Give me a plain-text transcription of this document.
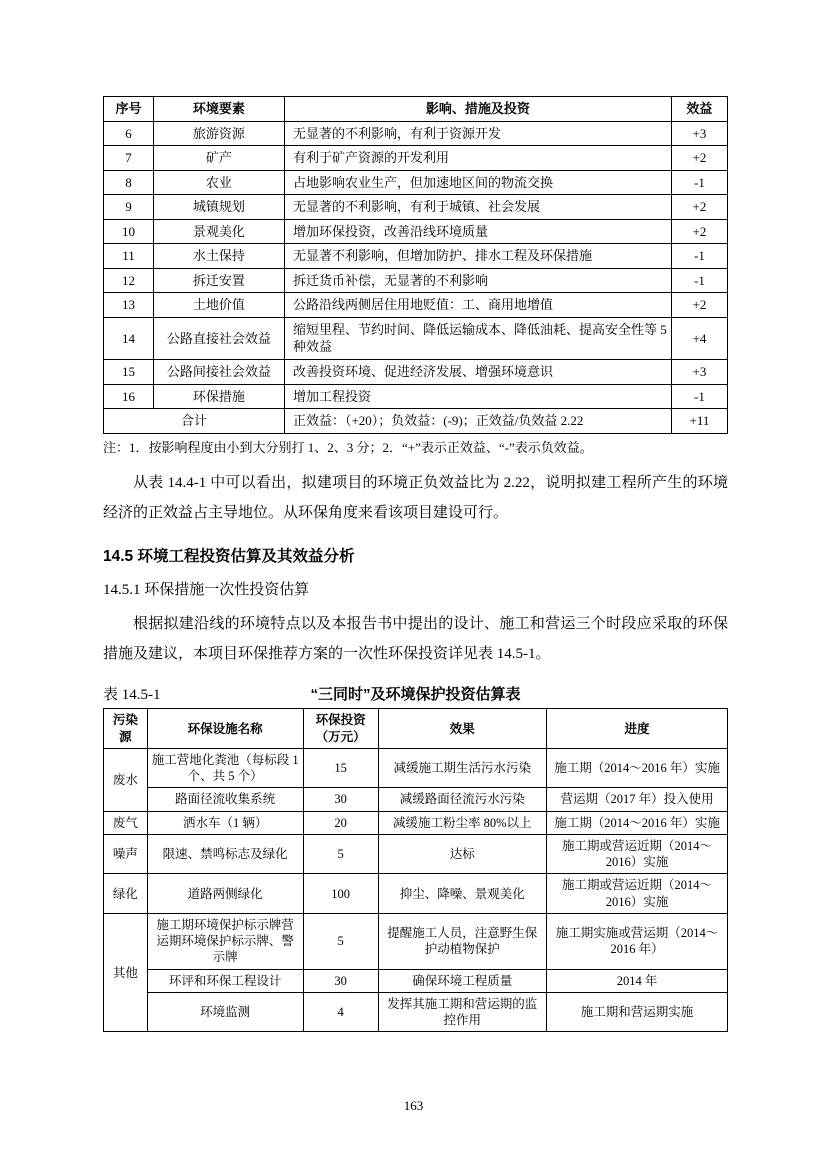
序号	环境要素	影响、措施及投资	效益
6	旅游资源	无显著的不利影响，有利于资源开发	+3
7	矿产	有利于矿产资源的开发利用	+2
8	农业	占地影响农业生产，但加速地区间的物流交换	-1
9	城镇规划	无显著的不利影响，有利于城镇、社会发展	+2
10	景观美化	增加环保投资，改善沿线环境质量	+2
11	水土保持	无显著不利影响，但增加防护、排水工程及环保措施	-1
12	拆迁安置	拆迁货币补偿，无显著的不利影响	-1
13	土地价值	公路沿线两侧居住用地贬值：工、商用地增值	+2
14	公路直接社会效益	缩短里程、节约时间、降低运输成本、降低油耗、提高安全性等 5 种效益	+4
15	公路间接社会效益	改善投资环境、促进经济发展、增强环境意识	+3
16	环保措施	增加工程投资	-1
合计		正效益：（+20）；负效益：(-9)；正效益/负效益 2.22	+11
注：1．按影响程度由小到大分别打 1、2、3 分；2．“+”表示正效益、“-”表示负效益。
从表 14.4-1 中可以看出，拟建项目的环境正负效益比为 2.22，说明拟建工程所产生的环境经济的正效益占主导地位。从环保角度来看该项目建设可行。
14.5 环境工程投资估算及其效益分析
14.5.1 环保措施一次性投资估算
根据拟建沿线的环境特点以及本报告书中提出的设计、施工和营运三个时段应采取的环保措施及建议，本项目环保推荐方案的一次性环保投资详见表 14.5-1。
表 14.5-1	“三同时”及环境保护投资估算表
污染源	环保设施名称	环保投资（万元）	效果	进度
废水	施工营地化粪池（每标段 1 个、共 5 个）	15	减缓施工期生活污水污染	施工期（2014～2016 年）实施
	路面径流收集系统	30	减缓路面径流污水污染	营运期（2017 年）投入使用
废气	洒水车（1 辆）	20	减缓施工粉尘率 80%以上	施工期（2014～2016 年）实施
噪声	限速、禁鸣标志及绿化	5	达标	施工期或营运近期（2014～2016）实施
绿化	道路两侧绿化	100	抑尘、降噪、景观美化	施工期或营运近期（2014～2016）实施
其他	施工期环境保护标示牌营运期环境保护标示牌、警示牌	5	提醒施工人员，注意野生保护动植物保护	施工期实施或营运期（2014～2016 年）
	环评和环保工程设计	30	确保环境工程质量	2014 年
	环境监测	4	发挥其施工期和营运期的监控作用	施工期和营运期实施
163
